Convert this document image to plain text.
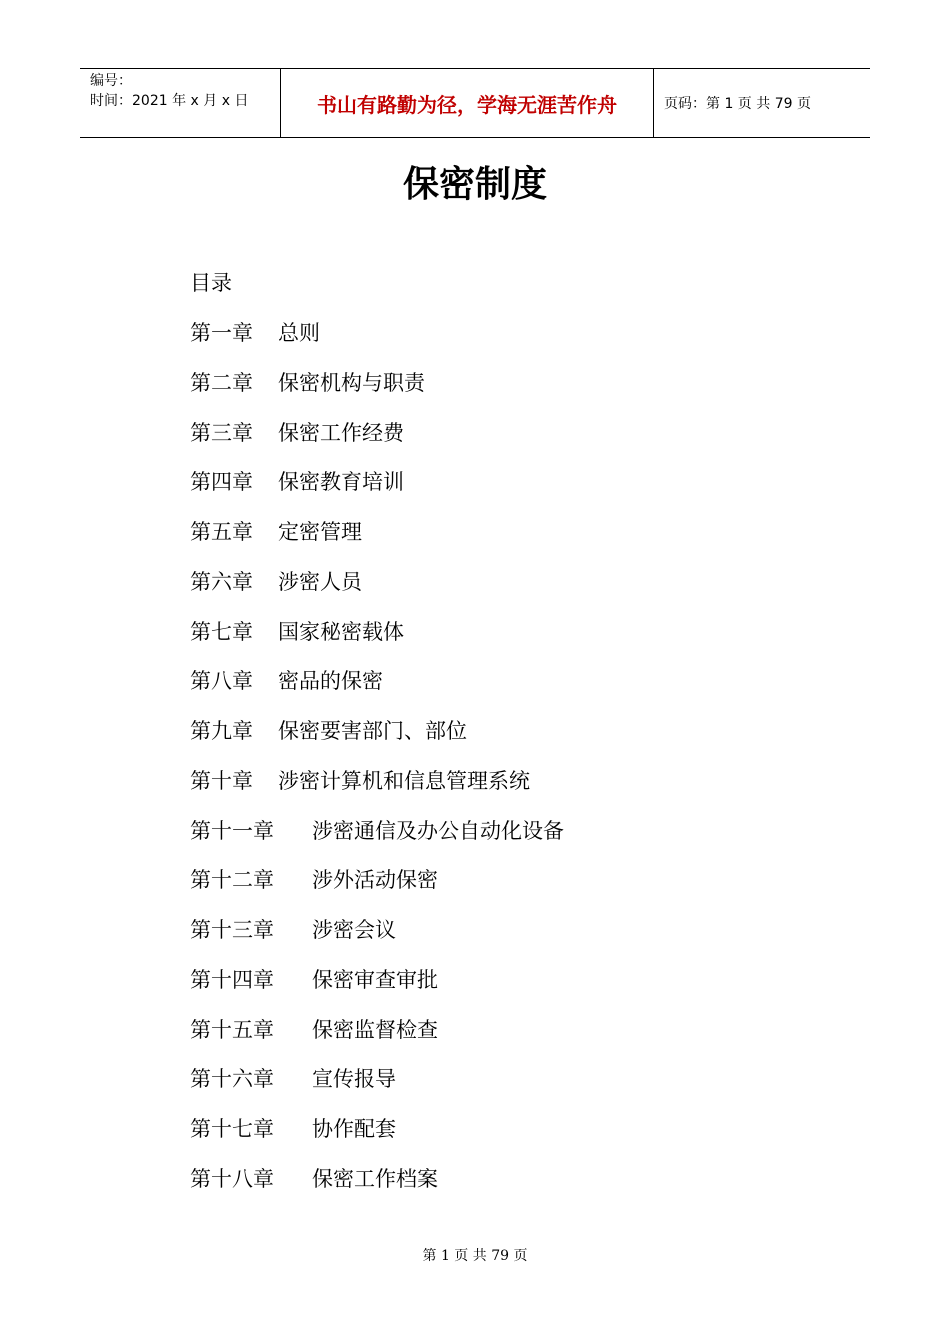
编号：
时间：2021 年 x 月 x 日	书山有路勤为径，学海无涯苦作舟	页码：第 1 页 共 79 页
保密制度
目录
第一章 总则
第二章 保密机构与职责
第三章 保密工作经费
第四章 保密教育培训
第五章 定密管理
第六章 涉密人员
第七章 国家秘密载体
第八章 密品的保密
第九章 保密要害部门、部位
第十章 涉密计算机和信息管理系统
第十一章 涉密通信及办公自动化设备
第十二章 涉外活动保密
第十三章 涉密会议
第十四章 保密审查审批
第十五章 保密监督检查
第十六章 宣传报导
第十七章 协作配套
第十八章 保密工作档案
第 1 页 共 79 页
